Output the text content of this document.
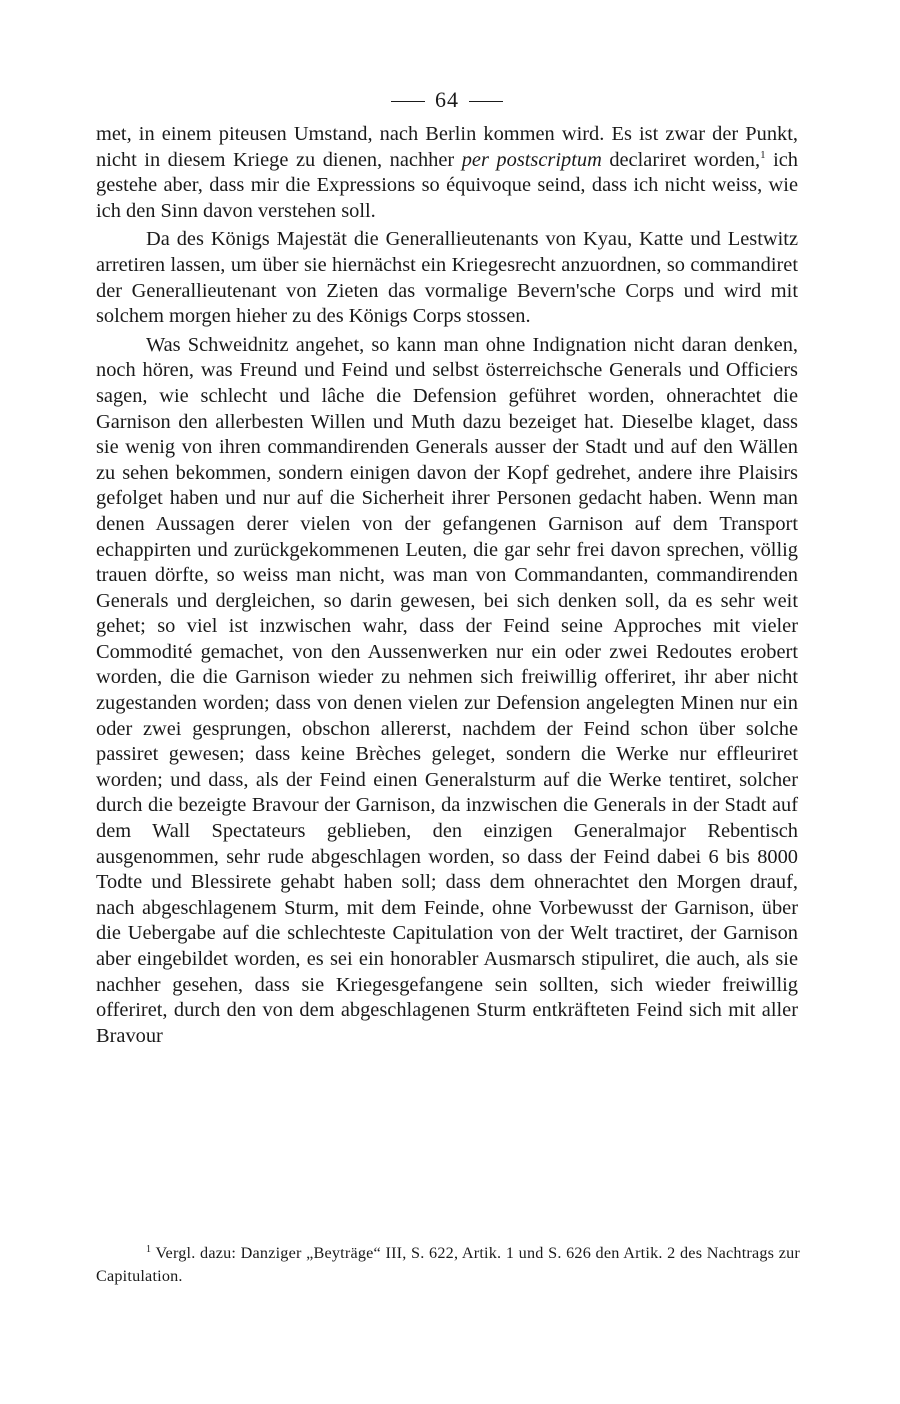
64

met, in einem piteusen Umstand, nach Berlin kommen wird. Es ist zwar der Punkt, nicht in diesem Kriege zu dienen, nachher per postscriptum declariret worden,$^1$ ich gestehe aber, dass mir die Expressions so équivoque seind, dass ich nicht weiss, wie ich den Sinn davon verstehen soll.

Da des Königs Majestät die Generallieutenants von Kyau, Katte und Lestwitz arretiren lassen, um über sie hiernächst ein Kriegesrecht anzuordnen, so commandiret der Generallieutenant von Zieten das vormalige Bevern'sche Corps und wird mit solchem morgen hieher zu des Königs Corps stossen.

Was Schweidnitz angehet, so kann man ohne Indignation nicht daran denken, noch hören, was Freund und Feind und selbst österreichsche Generals und Officiers sagen, wie schlecht und lâche die Defension geführet worden, ohnerachtet die Garnison den allerbesten Willen und Muth dazu bezeiget hat. Dieselbe klaget, dass sie wenig von ihren commandirenden Generals ausser der Stadt und auf den Wällen zu sehen bekommen, sondern einigen davon der Kopf gedrehet, andere ihre Plaisirs gefolget haben und nur auf die Sicherheit ihrer Personen gedacht haben. Wenn man denen Aussagen derer vielen von der gefangenen Garnison auf dem Transport echappirten und zurückgekommenen Leuten, die gar sehr frei davon sprechen, völlig trauen dörfte, so weiss man nicht, was man von Commandanten, commandirenden Generals und dergleichen, so darin gewesen, bei sich denken soll, da es sehr weit gehet; so viel ist inzwischen wahr, dass der Feind seine Approches mit vieler Commodité gemachet, von den Aussenwerken nur ein oder zwei Redoutes erobert worden, die die Garnison wieder zu nehmen sich freiwillig offeriret, ihr aber nicht zugestanden worden; dass von denen vielen zur Defension angelegten Minen nur ein oder zwei gesprungen, obschon allererst, nachdem der Feind schon über solche passiret gewesen; dass keine Brèches geleget, sondern die Werke nur effleuriret worden; und dass, als der Feind einen Generalsturm auf die Werke tentiret, solcher durch die bezeigte Bravour der Garnison, da inzwischen die Generals in der Stadt auf dem Wall Spectateurs geblieben, den einzigen Generalmajor Rebentisch ausgenommen, sehr rude abgeschlagen worden, so dass der Feind dabei 6 bis 8000 Todte und Blessirete gehabt haben soll; dass dem ohnerachtet den Morgen drauf, nach abgeschlagenem Sturm, mit dem Feinde, ohne Vorbewusst der Garnison, über die Uebergabe auf die schlechteste Capitulation von der Welt tractiret, der Garnison aber eingebildet worden, es sei ein honorabler Ausmarsch stipuliret, die auch, als sie nachher gesehen, dass sie Kriegesgefangene sein sollten, sich wieder freiwillig offeriret, durch den von dem abgeschlagenen Sturm entkräfteten Feind sich mit aller Bravour

$^1$ Vergl. dazu: Danziger „Beyträge“ III, S. 622, Artik. 1 und S. 626 den Artik. 2 des Nachtrags zur Capitulation.
